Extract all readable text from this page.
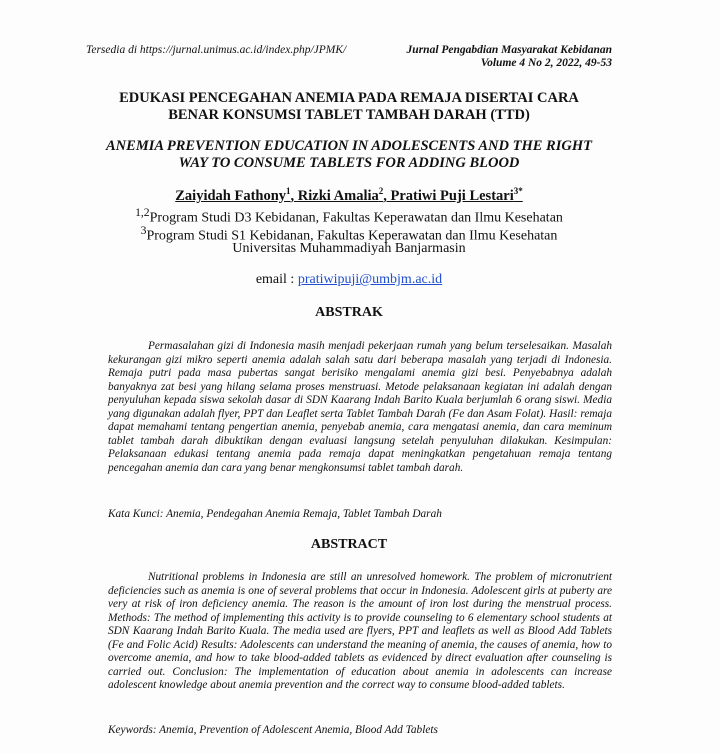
Tersedia di https://jurnal.unimus.ac.id/index.php/JPMK/	Jurnal Pengabdian Masyarakat Kebidanan
Volume 4 No 2, 2022, 49-53
EDUKASI PENCEGAHAN ANEMIA PADA REMAJA DISERTAI CARA
BENAR KONSUMSI TABLET TAMBAH DARAH (TTD)
ANEMIA PREVENTION EDUCATION IN ADOLESCENTS AND THE RIGHT
WAY TO CONSUME TABLETS FOR ADDING BLOOD
Zaiyidah Fathony$^1$, Rizki Amalia$^2$, Pratiwi Puji Lestari$^{3*}$
$^{1,2}$Program Studi D3 Kebidanan, Fakultas Keperawatan dan Ilmu Kesehatan
$^3$Program Studi S1 Kebidanan, Fakultas Keperawatan dan Ilmu Kesehatan
Universitas Muhammadiyah Banjarmasin
email : pratiwipuji@umbjm.ac.id
ABSTRAK
Permasalahan gizi di Indonesia masih menjadi pekerjaan rumah yang belum terselesaikan. Masalah kekurangan gizi mikro seperti anemia adalah salah satu dari beberapa masalah yang terjadi di Indonesia. Remaja putri pada masa pubertas sangat berisiko mengalami anemia gizi besi. Penyebabnya adalah banyaknya zat besi yang hilang selama proses menstruasi. Metode pelaksanaan kegiatan ini adalah dengan penyuluhan kepada siswa sekolah dasar di SDN Kaarang Indah Barito Kuala berjumlah 6 orang siswi. Media yang digunakan adalah flyer, PPT dan Leaflet serta Tablet Tambah Darah (Fe dan Asam Folat). Hasil: remaja dapat memahami tentang pengertian anemia, penyebab anemia, cara mengatasi anemia, dan cara meminum tablet tambah darah dibuktikan dengan evaluasi langsung setelah penyuluhan dilakukan. Kesimpulan: Pelaksanaan edukasi tentang anemia pada remaja dapat meningkatkan pengetahuan remaja tentang pencegahan anemia dan cara yang benar mengkonsumsi tablet tambah darah.
Kata Kunci: Anemia, Pendegahan Anemia Remaja, Tablet Tambah Darah
ABSTRACT
Nutritional problems in Indonesia are still an unresolved homework. The problem of micronutrient deficiencies such as anemia is one of several problems that occur in Indonesia. Adolescent girls at puberty are very at risk of iron deficiency anemia. The reason is the amount of iron lost during the menstrual process. Methods: The method of implementing this activity is to provide counseling to 6 elementary school students at SDN Kaarang Indah Barito Kuala. The media used are flyers, PPT and leaflets as well as Blood Add Tablets (Fe and Folic Acid) Results: Adolescents can understand the meaning of anemia, the causes of anemia, how to overcome anemia, and how to take blood-added tablets as evidenced by direct evaluation after counseling is carried out. Conclusion: The implementation of education about anemia in adolescents can increase adolescent knowledge about anemia prevention and the correct way to consume blood-added tablets.
Keywords: Anemia, Prevention of Adolescent Anemia, Blood Add Tablets
